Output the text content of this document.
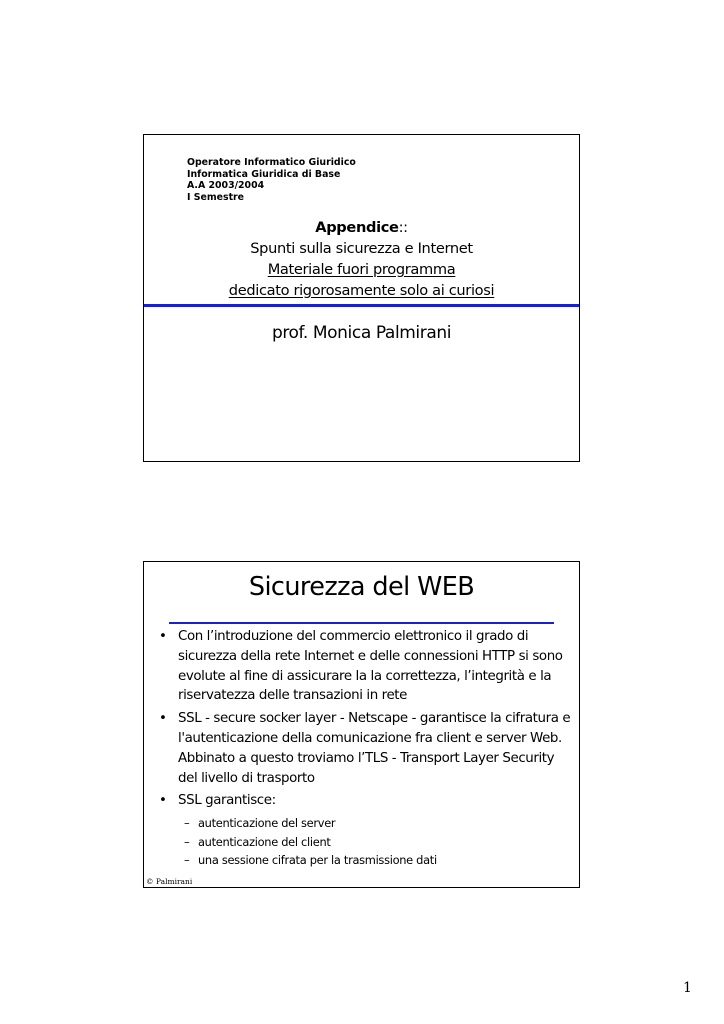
Operatore Informatico Giuridico
Informatica Giuridica di Base
A.A 2003/2004
I Semestre
Appendice::
Spunti sulla sicurezza e Internet
Materiale fuori programma
dedicato rigorosamente solo ai curiosi
prof. Monica Palmirani
Sicurezza del WEB
• Con l’introduzione del commercio elettronico il grado di sicurezza della rete Internet e delle connessioni HTTP si sono evolute al fine di assicurare la la correttezza, l’integrità e la riservatezza delle transazioni in rete
• SSL - secure socker layer - Netscape - garantisce la cifratura e l'autenticazione della comunicazione fra client e server Web. Abbinato a questo troviamo l’TLS - Transport Layer Security del livello di trasporto
• SSL garantisce:
– autenticazione del server
– autenticazione del client
– una sessione cifrata per la trasmissione dati
© Palmirani
1
